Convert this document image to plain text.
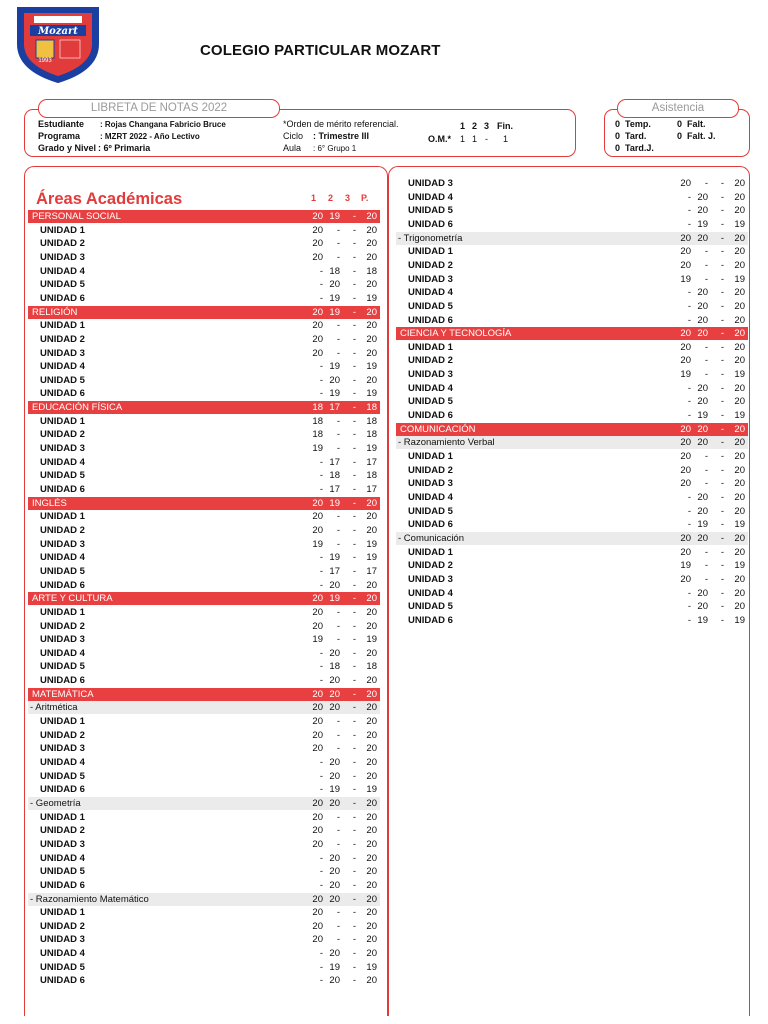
Mozart
1993
COLEGIO PARTICULAR MOZART
LIBRETA DE NOTAS 2022
Estudiante : Rojas Changana Fabricio Bruce
Programa : MZRT 2022 - Año Lectivo
Grado y Nivel : 6º Primaria
*Orden de mérito referencial.
Ciclo : Trimestre III
Aula : 6° Grupo 1
1 2 3 Fin.
O.M.* 1 1 - 1
Asistencia
0 Temp.	0 Falt.
0 Tard.	0 Falt. J.
0 Tard.J.
Áreas Académicas	1 2 3 P.
PERSONAL SOCIAL	20 19	-	20
UNIDAD 1	20	-	-	20
UNIDAD 2	20	-	-	20
UNIDAD 3	20	-	-	20
UNIDAD 4	- 18	-	18
UNIDAD 5	- 20	-	20
UNIDAD 6	- 19	-	19
RELIGIÓN	20 19	-	20
UNIDAD 1	20	-	-	20
UNIDAD 2	20	-	-	20
UNIDAD 3	20	-	-	20
UNIDAD 4	- 19	-	19
UNIDAD 5	- 20	-	20
UNIDAD 6	- 19	-	19
EDUCACIÓN FÍSICA	18 17	-	18
UNIDAD 1	18	-	-	18
UNIDAD 2	18	-	-	18
UNIDAD 3	19	-	-	19
UNIDAD 4	- 17	-	17
UNIDAD 5	- 18	-	18
UNIDAD 6	- 17	-	17
INGLÉS	20 19	-	20
UNIDAD 1	20	-	-	20
UNIDAD 2	20	-	-	20
UNIDAD 3	19	-	-	19
UNIDAD 4	- 19	-	19
UNIDAD 5	- 17	-	17
UNIDAD 6	- 20	-	20
ARTE Y CULTURA	20 19	-	20
UNIDAD 1	20	-	-	20
UNIDAD 2	20	-	-	20
UNIDAD 3	19	-	-	19
UNIDAD 4	- 20	-	20
UNIDAD 5	- 18	-	18
UNIDAD 6	- 20	-	20
MATEMÁTICA	20 20	-	20
- Aritmética	20 20	-	20
UNIDAD 1	20	-	-	20
UNIDAD 2	20	-	-	20
UNIDAD 3	20	-	-	20
UNIDAD 4	- 20	-	20
UNIDAD 5	- 20	-	20
UNIDAD 6	- 19	-	19
- Geometría	20 20	-	20
UNIDAD 1	20	-	-	20
UNIDAD 2	20	-	-	20
UNIDAD 3	20	-	-	20
UNIDAD 4	- 20	-	20
UNIDAD 5	- 20	-	20
UNIDAD 6	- 20	-	20
- Razonamiento Matemático	20 20	-	20
UNIDAD 1	20	-	-	20
UNIDAD 2	20	-	-	20
UNIDAD 3	20	-	-	20
UNIDAD 4	- 20	-	20
UNIDAD 5	- 19	-	19
UNIDAD 6	- 20	-	20
UNIDAD 3	20	-	-	20
UNIDAD 4	- 20	-	20
UNIDAD 5	- 20	-	20
UNIDAD 6	- 19	-	19
- Trigonometría	20 20	-	20
UNIDAD 1	20	-	-	20
UNIDAD 2	20	-	-	20
UNIDAD 3	19	-	-	19
UNIDAD 4	- 20	-	20
UNIDAD 5	- 20	-	20
UNIDAD 6	- 20	-	20
CIENCIA Y TECNOLOGÍA	20 20	-	20
UNIDAD 1	20	-	-	20
UNIDAD 2	20	-	-	20
UNIDAD 3	19	-	-	19
UNIDAD 4	- 20	-	20
UNIDAD 5	- 20	-	20
UNIDAD 6	- 19	-	19
COMUNICACIÓN	20 20	-	20
- Razonamiento Verbal	20 20	-	20
UNIDAD 1	20	-	-	20
UNIDAD 2	20	-	-	20
UNIDAD 3	20	-	-	20
UNIDAD 4	- 20	-	20
UNIDAD 5	- 20	-	20
UNIDAD 6	- 19	-	19
- Comunicación	20 20	-	20
UNIDAD 1	20	-	-	20
UNIDAD 2	19	-	-	19
UNIDAD 3	20	-	-	20
UNIDAD 4	- 20	-	20
UNIDAD 5	- 20	-	20
UNIDAD 6	- 19	-	19
